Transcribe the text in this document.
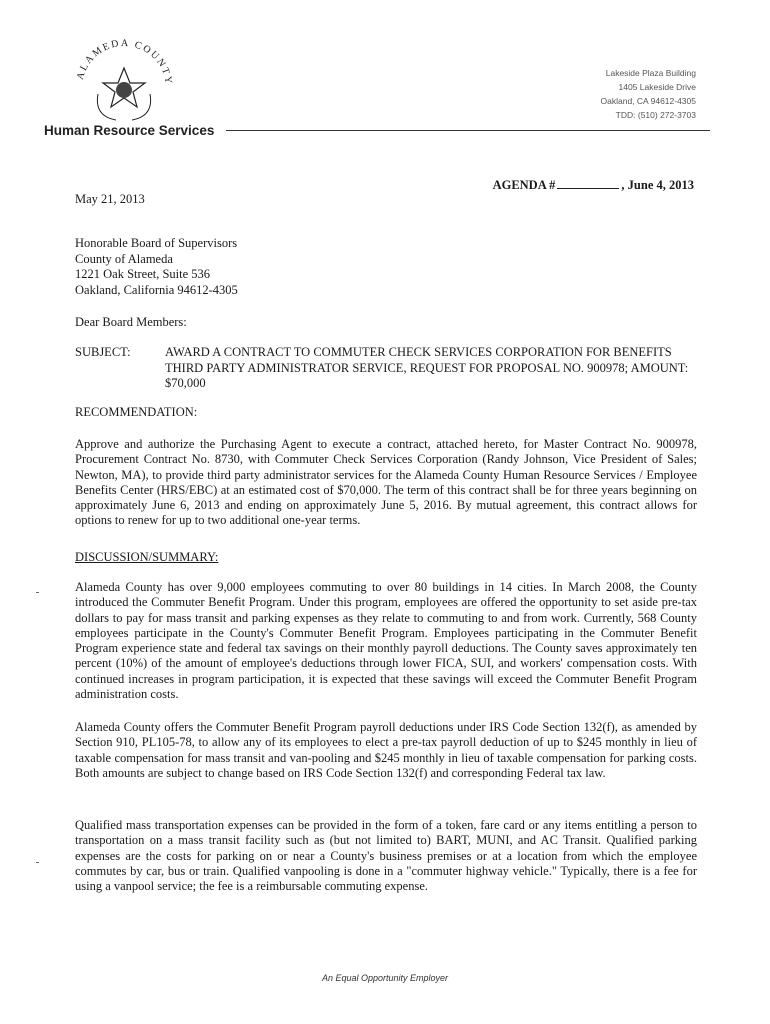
ALAMEDA COUNTY
Human Resource Services
Lakeside Plaza Building
1405 Lakeside Drive
Oakland, CA 94612-4305
TDD: (510) 272-3703
AGENDA #	, June 4, 2013
May 21, 2013
Honorable Board of Supervisors
County of Alameda
1221 Oak Street, Suite 536
Oakland, California 94612-4305
Dear Board Members:
SUBJECT:	AWARD A CONTRACT TO COMMUTER CHECK SERVICES CORPORATION FOR BENEFITS THIRD PARTY ADMINISTRATOR SERVICE, REQUEST FOR PROPOSAL NO. 900978; AMOUNT: $70,000
RECOMMENDATION:
Approve and authorize the Purchasing Agent to execute a contract, attached hereto, for Master Contract No. 900978, Procurement Contract No. 8730, with Commuter Check Services Corporation (Randy Johnson, Vice President of Sales; Newton, MA), to provide third party administrator services for the Alameda County Human Resource Services / Employee Benefits Center (HRS/EBC) at an estimated cost of $70,000. The term of this contract shall be for three years beginning on approximately June 6, 2013 and ending on approximately June 5, 2016. By mutual agreement, this contract allows for options to renew for up to two additional one-year terms.
DISCUSSION/SUMMARY:
Alameda County has over 9,000 employees commuting to over 80 buildings in 14 cities. In March 2008, the County introduced the Commuter Benefit Program. Under this program, employees are offered the opportunity to set aside pre-tax dollars to pay for mass transit and parking expenses as they relate to commuting to and from work. Currently, 568 County employees participate in the County's Commuter Benefit Program. Employees participating in the Commuter Benefit Program experience state and federal tax savings on their monthly payroll deductions. The County saves approximately ten percent (10%) of the amount of employee's deductions through lower FICA, SUI, and workers' compensation costs. With continued increases in program participation, it is expected that these savings will exceed the Commuter Benefit Program administration costs.
Alameda County offers the Commuter Benefit Program payroll deductions under IRS Code Section 132(f), as amended by Section 910, PL105-78, to allow any of its employees to elect a pre-tax payroll deduction of up to $245 monthly in lieu of taxable compensation for mass transit and van-pooling and $245 monthly in lieu of taxable compensation for parking costs. Both amounts are subject to change based on IRS Code Section 132(f) and corresponding Federal tax law.
Qualified mass transportation expenses can be provided in the form of a token, fare card or any items entitling a person to transportation on a mass transit facility such as (but not limited to) BART, MUNI, and AC Transit. Qualified parking expenses are the costs for parking on or near a County's business premises or at a location from which the employee commutes by car, bus or train. Qualified vanpooling is done in a "commuter highway vehicle." Typically, there is a fee for using a vanpool service; the fee is a reimbursable commuting expense.
An Equal Opportunity Employer
